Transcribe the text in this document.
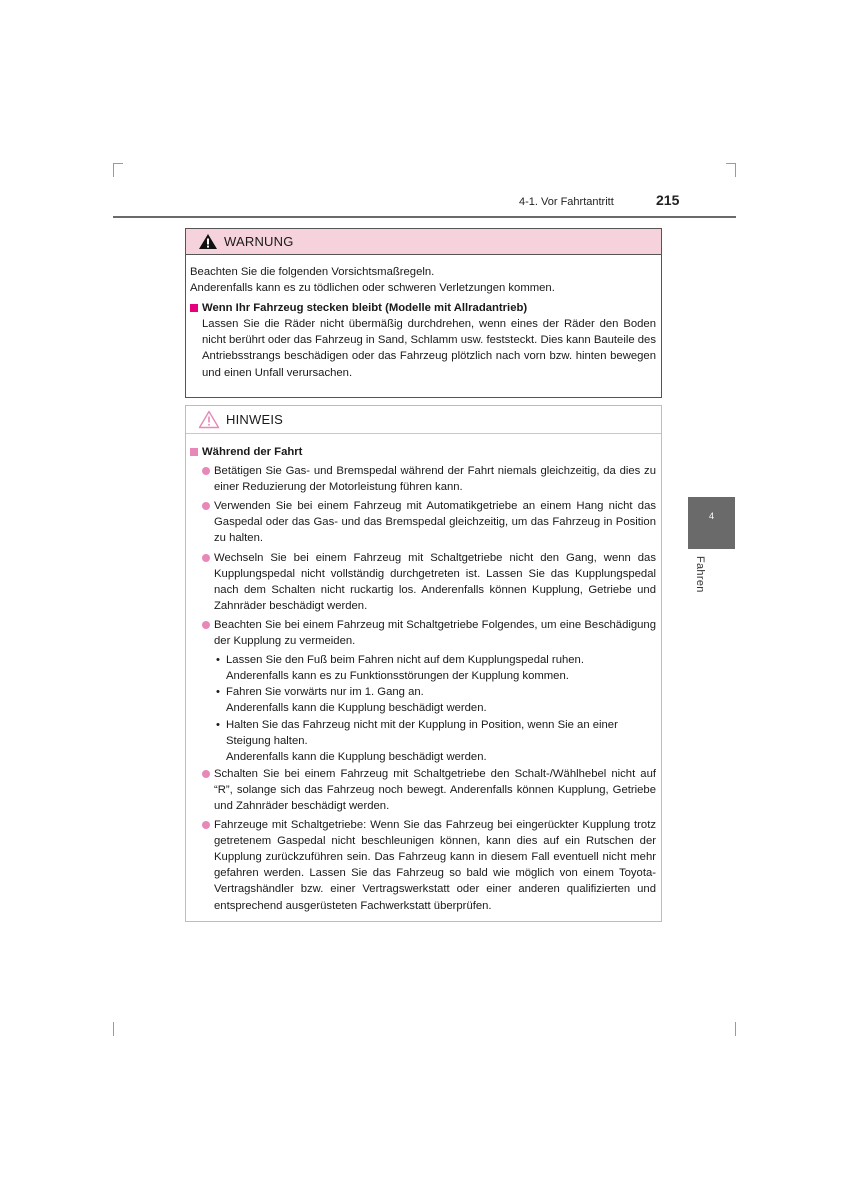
4-1. Vor Fahrtantritt	215
4
Fahren
WARNUNG

Beachten Sie die folgenden Vorsichtsmaßregeln.

Anderenfalls kann es zu tödlichen oder schweren Verletzungen kommen.

Wenn Ihr Fahrzeug stecken bleibt (Modelle mit Allradantrieb)

Lassen Sie die Räder nicht übermäßig durchdrehen, wenn eines der Räder den Boden nicht berührt oder das Fahrzeug in Sand, Schlamm usw. feststeckt. Dies kann Bauteile des Antriebsstrangs beschädigen oder das Fahrzeug plötzlich nach vorn bzw. hinten bewegen und einen Unfall verursachen.

HINWEIS
Während der Fahrt
Betätigen Sie Gas- und Bremspedal während der Fahrt niemals gleichzeitig, da dies zu einer Reduzierung der Motorleistung führen kann.
Verwenden Sie bei einem Fahrzeug mit Automatikgetriebe an einem Hang nicht das Gaspedal oder das Gas- und das Bremspedal gleichzeitig, um das Fahrzeug in Position zu halten.
Wechseln Sie bei einem Fahrzeug mit Schaltgetriebe nicht den Gang, wenn das Kupplungspedal nicht vollständig durchgetreten ist. Lassen Sie das Kupplungspedal nach dem Schalten nicht ruckartig los. Anderenfalls können Kupplung, Getriebe und Zahnräder beschädigt werden.
Beachten Sie bei einem Fahrzeug mit Schaltgetriebe Folgendes, um eine Beschädigung der Kupplung zu vermeiden.
• Lassen Sie den Fuß beim Fahren nicht auf dem Kupplungspedal ruhen.
Anderenfalls kann es zu Funktionsstörungen der Kupplung kommen.
• Fahren Sie vorwärts nur im 1. Gang an.
Anderenfalls kann die Kupplung beschädigt werden.
• Halten Sie das Fahrzeug nicht mit der Kupplung in Position, wenn Sie an einer Steigung halten.
Anderenfalls kann die Kupplung beschädigt werden.
Schalten Sie bei einem Fahrzeug mit Schaltgetriebe den Schalt-/Wählhebel nicht auf “R”, solange sich das Fahrzeug noch bewegt. Anderenfalls können Kupplung, Getriebe und Zahnräder beschädigt werden.
Fahrzeuge mit Schaltgetriebe: Wenn Sie das Fahrzeug bei eingerückter Kupplung trotz getretenem Gaspedal nicht beschleunigen können, kann dies auf ein Rutschen der Kupplung zurückzuführen sein. Das Fahrzeug kann in diesem Fall eventuell nicht mehr gefahren werden. Lassen Sie das Fahrzeug so bald wie möglich von einem Toyota-Vertragshändler bzw. einer Vertragswerkstatt oder einer anderen qualifizierten und entsprechend ausgerüsteten Fachwerkstatt überprüfen.
